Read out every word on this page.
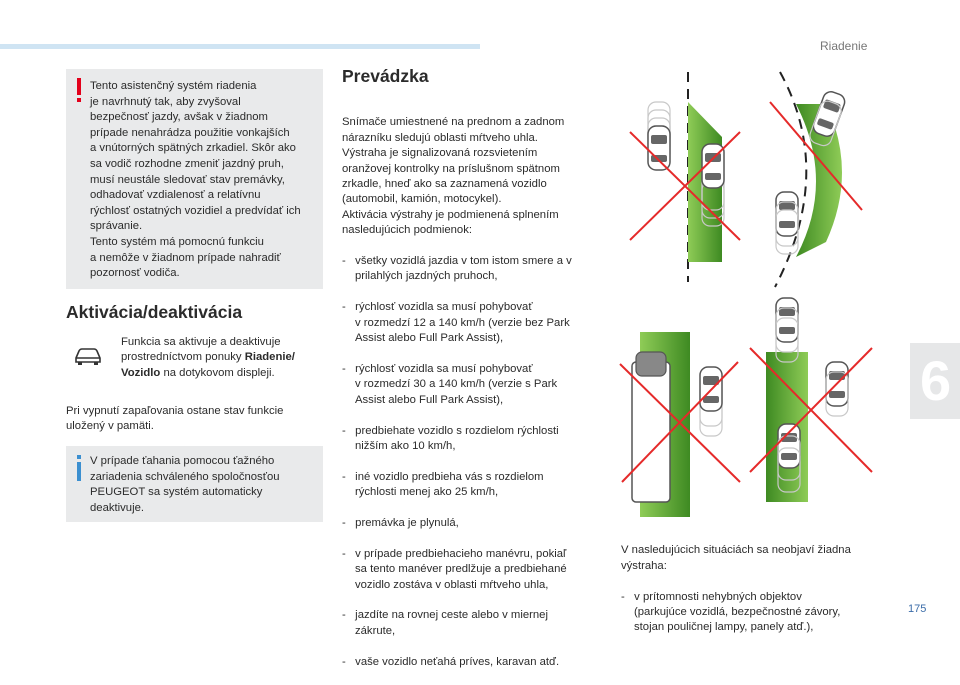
Riadenie
6
Tento asistenčný systém riadenia
je navrhnutý tak, aby zvyšoval
bezpečnosť jazdy, avšak v žiadnom
prípade nenahrádza použitie vonkajších
a vnútorných spätných zrkadiel. Skôr ako
sa vodič rozhodne zmeniť jazdný pruh,
musí neustále sledovať stav premávky,
odhadovať vzdialenosť a relatívnu
rýchlosť ostatných vozidiel a predvídať ich
správanie.
Tento systém má pomocnú funkciu
a nemôže v žiadnom prípade nahradiť
pozornosť vodiča.
Aktivácia/deaktivácia
Funkcia sa aktivuje a deaktivuje
prostredníctvom ponuky Riadenie/
Vozidlo na dotykovom displeji.
Pri vypnutí zapaľovania ostane stav funkcie
uložený v pamäti.
V prípade ťahania pomocou ťažného
zariadenia schváleného spoločnosťou
PEUGEOT sa systém automaticky
deaktivuje.
Prevádzka

Snímače umiestnené na prednom a zadnom
nárazníku sledujú oblasti mŕtveho uhla.
Výstraha je signalizovaná rozsvietením
oranžovej kontrolky na príslušnom spätnom
zrkadle, hneď ako sa zaznamená vozidlo
(automobil, kamión, motocykel).
Aktivácia výstrahy je podmienená splnením
nasledujúcich podmienok:

-   všetky vozidlá jazdia v tom istom smere a v
prilahlých jazdných pruhoch,

-   rýchlosť vozidla sa musí pohybovať
v rozmedzí 12 a 140 km/h (verzie bez Park
Assist alebo Full Park Assist),

-   rýchlosť vozidla sa musí pohybovať
v rozmedzí 30 a 140 km/h (verzie s Park
Assist alebo Full Park Assist),

-   predbiehate vozidlo s rozdielom rýchlosti
nižším ako 10 km/h,

-   iné vozidlo predbieha vás s rozdielom
rýchlosti menej ako 25 km/h,

-   premávka je plynulá,

-   v prípade predbiehacieho manévru, pokiaľ
sa tento manéver predlžuje a predbiehané
vozidlo zostáva v oblasti mŕtveho uhla,

-   jazdíte na rovnej ceste alebo v miernej
zákrute,

-   vaše vozidlo neťahá príves, karavan atď.

V nasledujúcich situáciách sa neobjaví žiadna
výstraha:

-   v prítomnosti nehybných objektov
(parkujúce vozidlá, bezpečnostné závory,
stojan pouličnej lampy, panely atď.),

175
